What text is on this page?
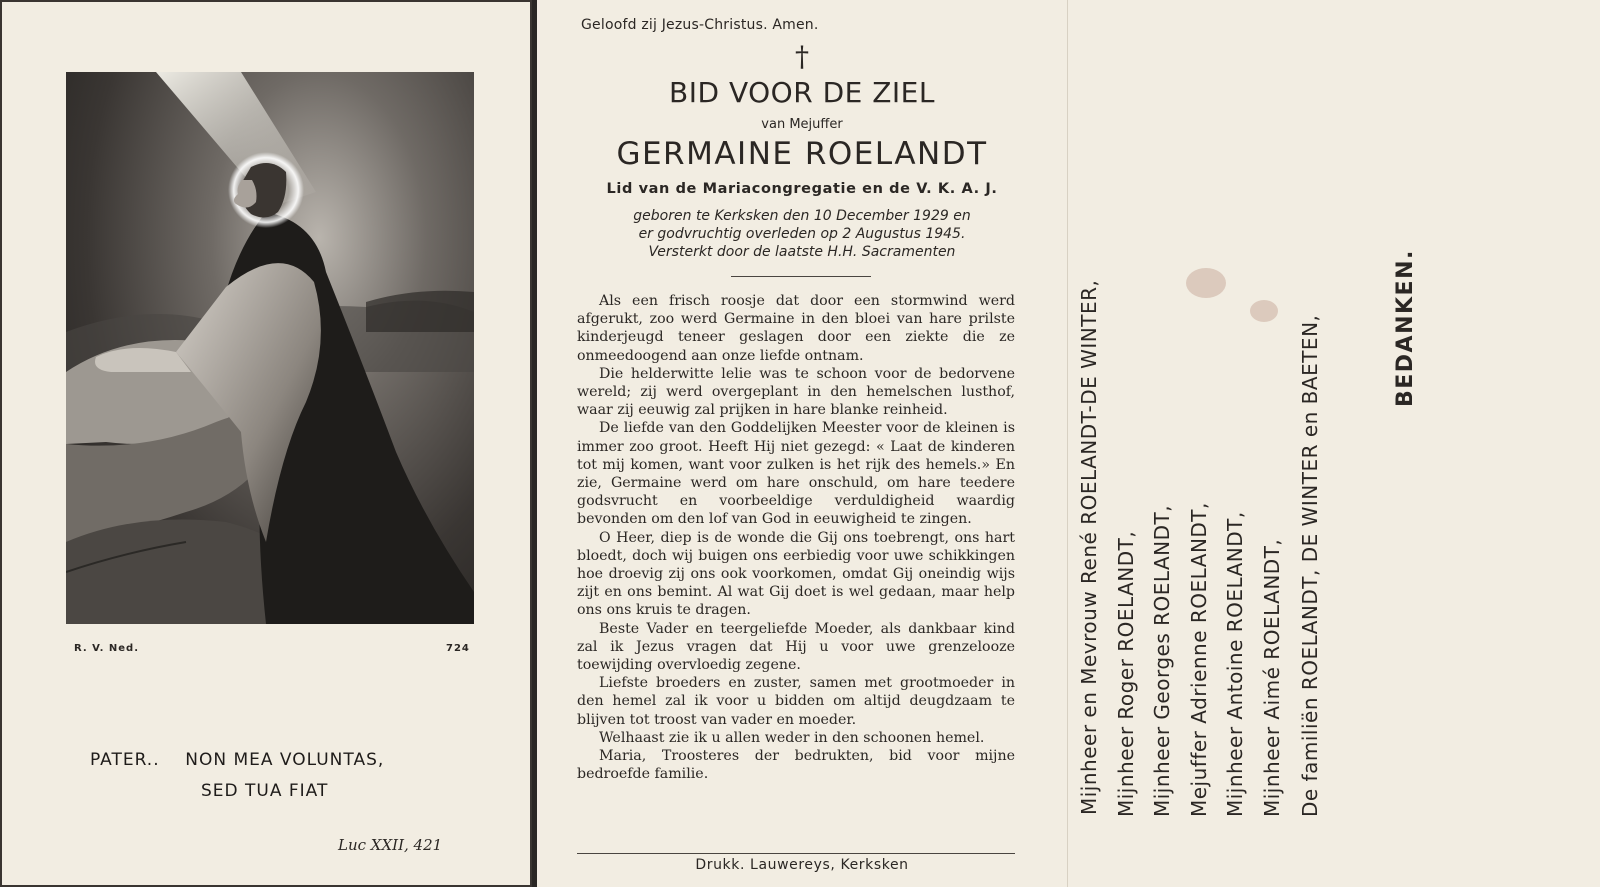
R. V. Ned.	724
PATER..    NON MEA VOLUNTAS,
SED TUA FIAT
Luc XXII, 421
Geloofd zij Jezus-Christus. Amen.
†
BID VOOR DE ZIEL
van Mejuffer
GERMAINE ROELANDT
Lid van de Mariacongregatie en de V. K. A. J.
geboren te Kerksken den 10 December 1929 en
er godvruchtig overleden op 2 Augustus 1945.
Versterkt door de laatste H.H. Sacramenten

Als een frisch roosje dat door een stormwind werd afgerukt, zoo werd Germaine in den bloei van hare prilste kinderjeugd teneer geslagen door een ziekte die ze onmeedoogend aan onze liefde ontnam.

Die helderwitte lelie was te schoon voor de bedorvene wereld; zij werd overgeplant in den hemelschen lusthof, waar zij eeuwig zal prijken in hare blanke reinheid.

De liefde van den Goddelijken Meester voor de kleinen is immer zoo groot. Heeft Hij niet gezegd: « Laat de kinderen tot mij komen, want voor zulken is het rijk des hemels.» En zie, Germaine werd om hare onschuld, om hare teedere godsvrucht en voorbeeldige verduldigheid waardig bevonden om den lof van God in eeuwigheid te zingen.

O Heer, diep is de wonde die Gij ons toebrengt, ons hart bloedt, doch wij buigen ons eerbiedig voor uwe schikkingen hoe droevig zij ons ook voorkomen, omdat Gij oneindig wijs zijt en ons bemint. Al wat Gij doet is wel gedaan, maar help ons ons kruis te dragen.

Beste Vader en teergeliefde Moeder, als dankbaar kind zal ik Jezus vragen dat Hij u voor uwe grenzelooze toewijding overvloedig zegene.

Liefste broeders en zuster, samen met grootmoeder in den hemel zal ik voor u bidden om altijd deugdzaam te blijven tot troost van vader en moeder.

Welhaast zie ik u allen weder in den schoonen hemel.

Maria, Troosteres der bedrukten, bid voor mijne bedroefde familie.

Drukk. Lauwereys, Kerksken
Mijnheer en Mevrouw René ROELANDT-DE WINTER, Mijnheer Roger ROELANDT, Mijnheer Georges ROELANDT, Mejuffer Adrienne ROELANDT, Mijnheer Antoine ROELANDT, Mijnheer Aimé ROELANDT, De familiën ROELANDT, DE WINTER en BAETEN,	BEDANKEN.
